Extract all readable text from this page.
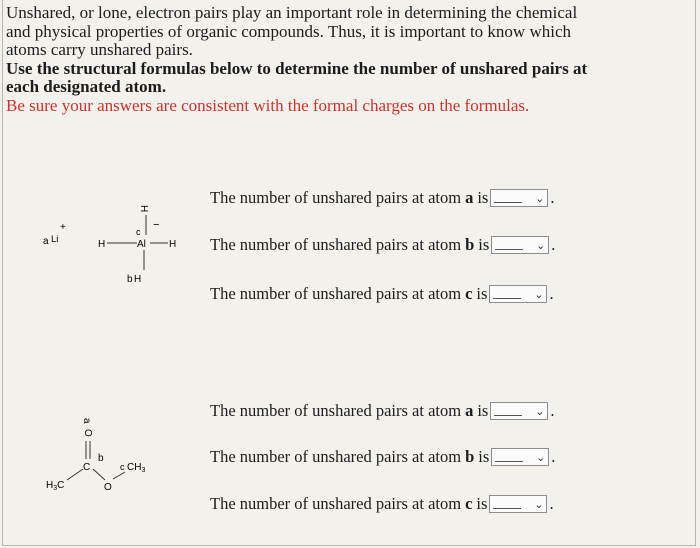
Unshared, or lone, electron pairs play an important role in determining the chemical
and physical properties of organic compounds. Thus, it is important to know which
atoms carry unshared pairs.
Use the structural formulas below to determine the number of unshared pairs at
each designated atom.
Be sure your answers are consistent with the formal charges on the formulas.
a Li
+
H
c
−
H	Al H
b H
a
O
C
b
$H_3C$	O
c $CH_3$
The number of unshared pairs at atom a is	⌄ .
The number of unshared pairs at atom b is	⌄ .
The number of unshared pairs at atom c is	⌄ .
The number of unshared pairs at atom a is	⌄ .
The number of unshared pairs at atom b is	⌄ .
The number of unshared pairs at atom c is	⌄ .
